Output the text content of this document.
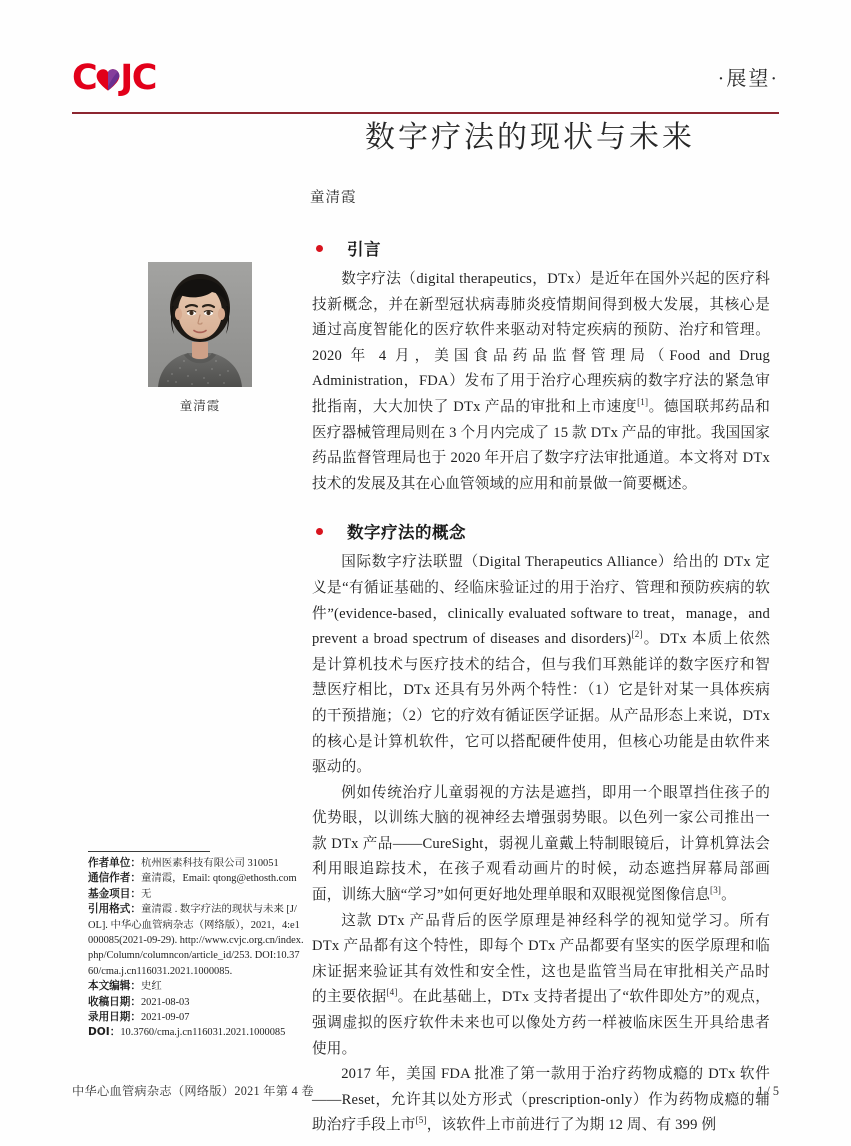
C JC	·展望·
数字疗法的现状与未来
童清霞
童清霞
作者单位：杭州医素科技有限公司 310051
通信作者：童清霞，Email: qtong@ethosth.com
基金项目：无
引用格式：童清霞 . 数字疗法的现状与未来 [J/OL]. 中华心血管病杂志（网络版），2021，4:e1000085(2021-09-29). http://www.cvjc.org.cn/index.php/Column/columncon/article_id/253. DOI:10.3760/cma.j.cn116031.2021.1000085.
本文编辑：史红
收稿日期：2021-08-03
录用日期：2021-09-07
DOI：10.3760/cma.j.cn116031.2021.1000085
引言

数字疗法（digital therapeutics，DTx）是近年在国外兴起的医疗科技新概念，并在新型冠状病毒肺炎疫情期间得到极大发展，其核心是通过高度智能化的医疗软件来驱动对特定疾病的预防、治疗和管理。2020 年 4 月，美国食品药品监督管理局（Food and Drug Administration，FDA）发布了用于治疗心理疾病的数字疗法的紧急审批指南，大大加快了 DTx 产品的审批和上市速度[1]。德国联邦药品和医疗器械管理局则在 3 个月内完成了 15 款 DTx 产品的审批。我国国家药品监督管理局也于 2020 年开启了数字疗法审批通道。本文将对 DTx 技术的发展及其在心血管领域的应用和前景做一简要概述。

数字疗法的概念

国际数字疗法联盟（Digital Therapeutics Alliance）给出的 DTx 定义是“有循证基础的、经临床验证过的用于治疗、管理和预防疾病的软件”(evidence-based，clinically evaluated software to treat，manage，and prevent a broad spectrum of diseases and disorders)[2]。DTx 本质上依然是计算机技术与医疗技术的结合，但与我们耳熟能详的数字医疗和智慧医疗相比，DTx 还具有另外两个特性：（1）它是针对某一具体疾病的干预措施；（2）它的疗效有循证医学证据。从产品形态上来说，DTx 的核心是计算机软件，它可以搭配硬件使用，但核心功能是由软件来驱动的。

例如传统治疗儿童弱视的方法是遮挡，即用一个眼罩挡住孩子的优势眼，以训练大脑的视神经去增强弱势眼。以色列一家公司推出一款 DTx 产品——CureSight，弱视儿童戴上特制眼镜后，计算机算法会利用眼追踪技术，在孩子观看动画片的时候，动态遮挡屏幕局部画面，训练大脑“学习”如何更好地处理单眼和双眼视觉图像信息[3]。

这款 DTx 产品背后的医学原理是神经科学的视知觉学习。所有 DTx 产品都有这个特性，即每个 DTx 产品都要有坚实的医学原理和临床证据来验证其有效性和安全性，这也是监管当局在审批相关产品时的主要依据[4]。在此基础上，DTx 支持者提出了“软件即处方”的观点，强调虚拟的医疗软件未来也可以像处方药一样被临床医生开具给患者使用。

2017 年，美国 FDA 批准了第一款用于治疗药物成瘾的 DTx 软件——Reset，允许其以处方形式（prescription-only）作为药物成瘾的辅助治疗手段上市[5]，该软件上市前进行了为期 12 周、有 399 例

中华心血管病杂志（网络版）2021 年第 4 卷	1 / 5
